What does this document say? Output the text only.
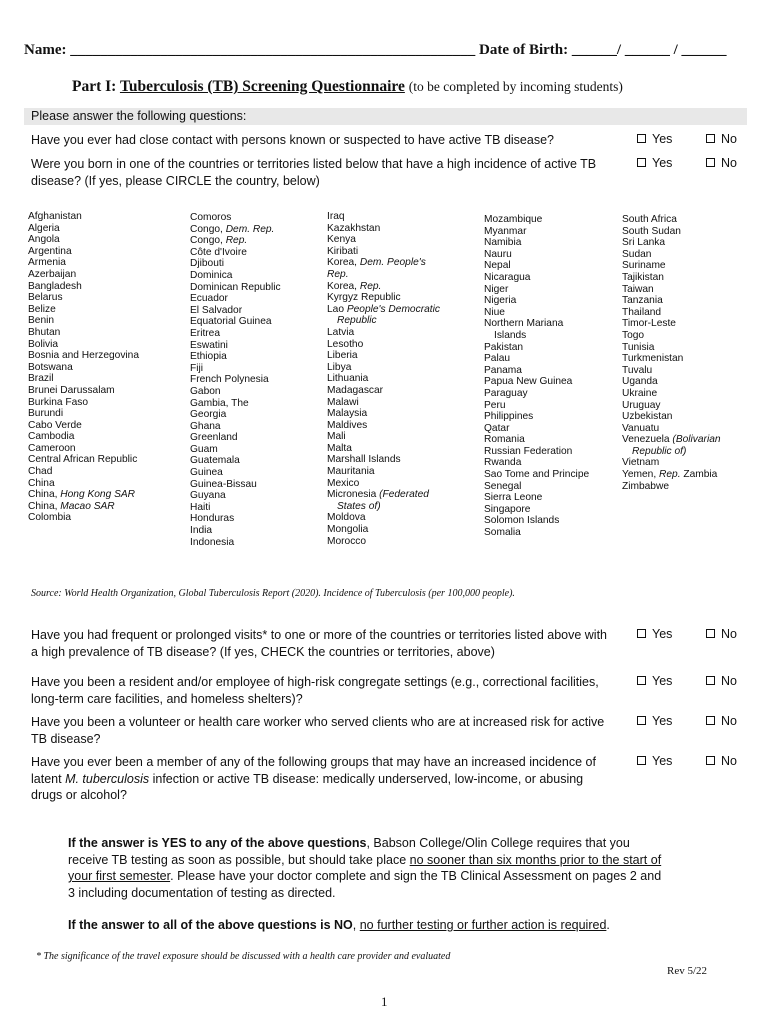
Name: ______________________________________________________ Date of Birth: ______/ ______ / ______
Part I: Tuberculosis (TB) Screening Questionnaire (to be completed by incoming students)
Please answer the following questions:
Have you ever had close contact with persons known or suspected to have active TB disease?	Yes	No
Were you born in one of the countries or territories listed below that have a high incidence of active TB disease? (If yes, please CIRCLE the country, below)
Yes	No
Afghanistan
Algeria
Angola
Argentina
Armenia
Azerbaijan
Bangladesh
Belarus
Belize
Benin
Bhutan
Bolivia
Bosnia and Herzegovina
Botswana
Brazil
Brunei Darussalam
Burkina Faso
Burundi
Cabo Verde
Cambodia
Cameroon
Central African Republic
Chad
China
China, Hong Kong SAR
China, Macao SAR
Colombia
Comoros
Congo, Dem. Rep.
Congo, Rep.
Côte d'Ivoire
Djibouti
Dominica
Dominican Republic
Ecuador
El Salvador
Equatorial Guinea
Eritrea
Eswatini
Ethiopia
Fiji
French Polynesia
Gabon
Gambia, The
Georgia
Ghana
Greenland
Guam
Guatemala
Guinea
Guinea-Bissau
Guyana
Haiti
Honduras
India
Indonesia
Iraq
Kazakhstan
Kenya
Kiribati
Korea, Dem. People's
Rep.
Korea, Rep.
Kyrgyz Republic
Lao People's Democratic
Republic
Latvia
Lesotho
Liberia
Libya
Lithuania
Madagascar
Malawi
Malaysia
Maldives
Mali
Malta
Marshall Islands
Mauritania
Mexico
Micronesia (Federated
States of)
Moldova
Mongolia
Morocco
Mozambique
Myanmar
Namibia
Nauru
Nepal
Nicaragua
Niger
Nigeria
Niue
Northern Mariana
Islands
Pakistan
Palau
Panama
Papua New Guinea
Paraguay
Peru
Philippines
Qatar
Romania
Russian Federation
Rwanda
Sao Tome and Principe
Senegal
Sierra Leone
Singapore
Solomon Islands
Somalia
South Africa
South Sudan
Sri Lanka
Sudan
Suriname
Tajikistan
Taiwan
Tanzania
Thailand
Timor-Leste
Togo
Tunisia
Turkmenistan
Tuvalu
Uganda
Ukraine
Uruguay
Uzbekistan
Vanuatu
Venezuela (Bolivarian
Republic of)
Vietnam
Yemen, Rep. Zambia
Zimbabwe
Source: World Health Organization, Global Tuberculosis Report (2020). Incidence of Tuberculosis (per 100,000 people).
Have you had frequent or prolonged visits* to one or more of the countries or territories listed above with a high prevalence of TB disease? (If yes, CHECK the countries or territories, above)
Yes	No
Have you been a resident and/or employee of high-risk congregate settings (e.g., correctional facilities, long-term care facilities, and homeless shelters)?
Yes	No
Have you been a volunteer or health care worker who served clients who are at increased risk for active TB disease?
Yes	No
Have you ever been a member of any of the following groups that may have an increased incidence of latent M. tuberculosis infection or active TB disease: medically underserved, low-income, or abusing drugs or alcohol?
Yes	No
If the answer is YES to any of the above questions, Babson College/Olin College requires that you receive TB testing as soon as possible, but should take place no sooner than six months prior to the start of your first semester. Please have your doctor complete and sign the TB Clinical Assessment on pages 2 and 3 including documentation of testing as directed.
If the answer to all of the above questions is NO, no further testing or further action is required.
* The significance of the travel exposure should be discussed with a health care provider and evaluated
Rev 5/22
1
